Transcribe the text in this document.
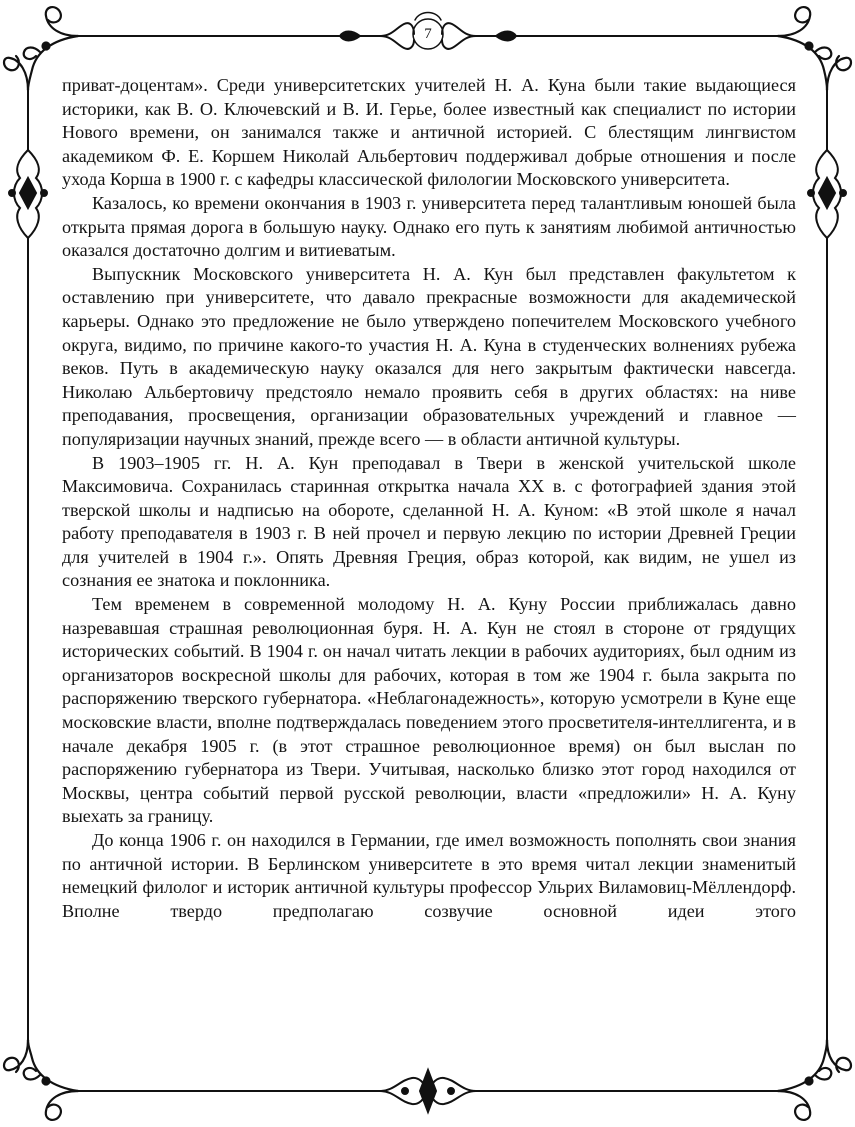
7

приват-доцентам». Среди университетских учителей Н. А. Куна были такие выдающиеся историки, как В. О. Ключевский и В. И. Герье, более известный как специалист по истории Нового времени, он занимался также и античной историей. С блестящим лингвистом академиком Ф. Е. Коршем Николай Альбертович поддерживал добрые отношения и после ухода Корша в 1900 г. с кафедры классической филологии Московского университета.

Казалось, ко времени окончания в 1903 г. университета перед талантливым юношей была открыта прямая дорога в большую науку. Однако его путь к занятиям любимой античностью оказался достаточно долгим и витиеватым.

Выпускник Московского университета Н. А. Кун был представлен факультетом к оставлению при университете, что давало прекрасные возможности для академической карьеры. Однако это предложение не было утверждено попечителем Московского учебного округа, видимо, по причине какого-то участия Н. А. Куна в студенческих волнениях рубежа веков. Путь в академическую науку оказался для него закрытым фактически навсегда. Николаю Альбертовичу предстояло немало проявить себя в других областях: на ниве преподавания, просвещения, организации образовательных учреждений и главное — популяризации научных знаний, прежде всего — в области античной культуры.

В 1903–1905 гг. Н. А. Кун преподавал в Твери в женской учительской школе Максимовича. Сохранилась старинная открытка начала XX в. с фотографией здания этой тверской школы и надписью на обороте, сделанной Н. А. Куном: «В этой школе я начал работу преподавателя в 1903 г. В ней прочел и первую лекцию по истории Древней Греции для учителей в 1904 г.». Опять Древняя Греция, образ которой, как видим, не ушел из сознания ее знатока и поклонника.

Тем временем в современной молодому Н. А. Куну России приближалась давно назревавшая страшная революционная буря. Н. А. Кун не стоял в стороне от грядущих исторических событий. В 1904 г. он начал читать лекции в рабочих аудиториях, был одним из организаторов воскресной школы для рабочих, которая в том же 1904 г. была закрыта по распоряжению тверского губернатора. «Неблагонадежность», которую усмотрели в Куне еще московские власти, вполне подтверждалась поведением этого просветителя-интеллигента, и в начале декабря 1905 г. (в этот страшное революционное время) он был выслан по распоряжению губернатора из Твери. Учитывая, насколько близко этот город находился от Москвы, центра событий первой русской революции, власти «предложили» Н. А. Куну выехать за границу.

До конца 1906 г. он находился в Германии, где имел возможность пополнять свои знания по античной истории. В Берлинском университете в это время читал лекции знаменитый немецкий филолог и историк античной культуры профессор Ульрих Виламовиц-Мёллендорф. Вполне твердо предполагаю созвучие основной идеи этого
